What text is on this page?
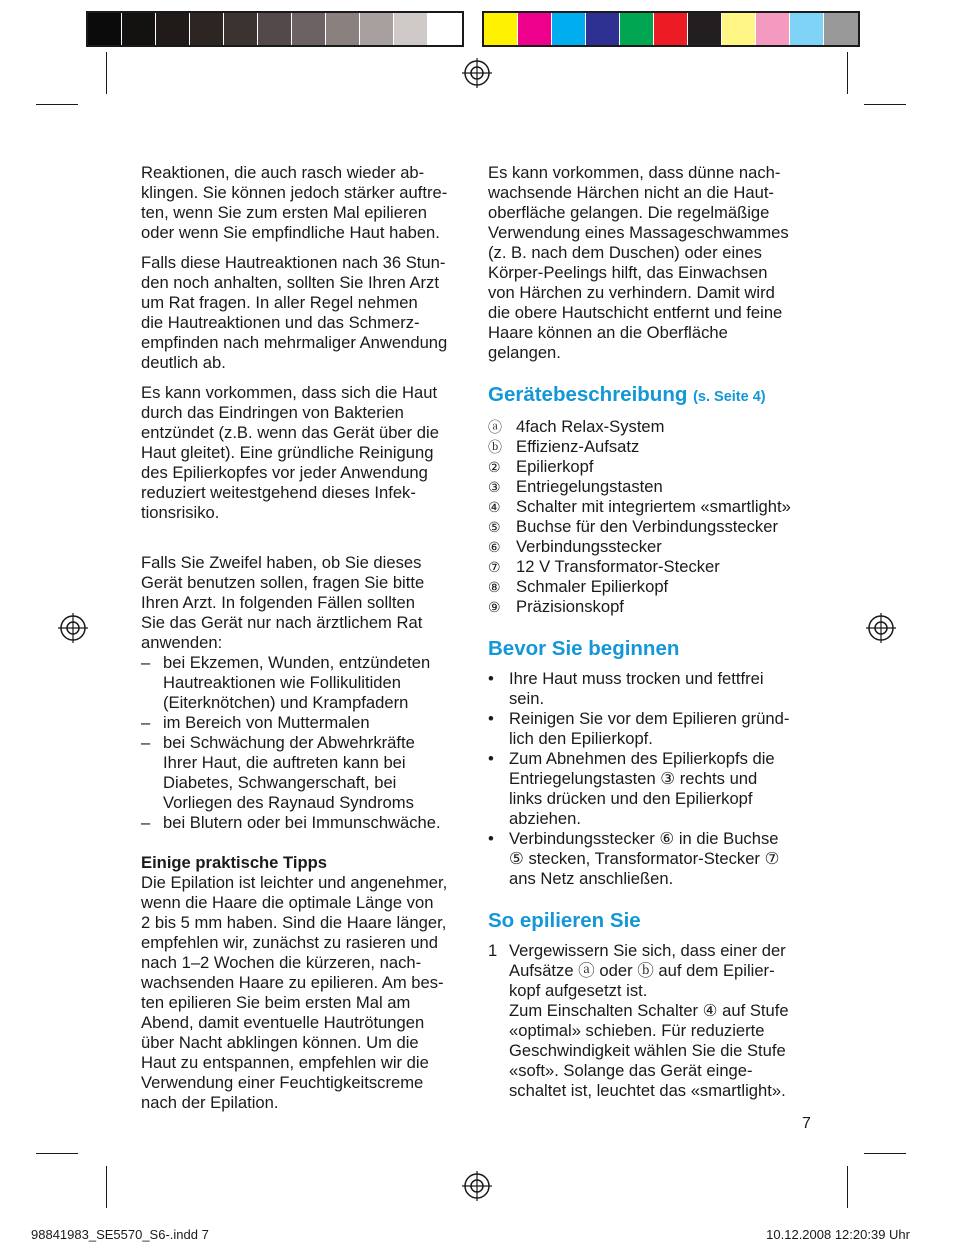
Reaktionen, die auch rasch wieder ab-
klingen. Sie können jedoch stärker auftre-
ten, wenn Sie zum ersten Mal epilieren
oder wenn Sie empfindliche Haut haben.

Falls diese Hautreaktionen nach 36 Stun-
den noch anhalten, sollten Sie Ihren Arzt
um Rat fragen. In aller Regel nehmen
die Hautreaktionen und das Schmerz-
empfinden nach mehrmaliger Anwendung
deutlich ab.

Es kann vorkommen, dass sich die Haut
durch das Eindringen von Bakterien
entzündet (z.B. wenn das Gerät über die
Haut gleitet). Eine gründliche Reinigung
des Epilierkopfes vor jeder Anwendung
reduziert weitestgehend dieses Infek-
tionsrisiko.

Falls Sie Zweifel haben, ob Sie dieses
Gerät benutzen sollen, fragen Sie bitte
Ihren Arzt. In folgenden Fällen sollten
Sie das Gerät nur nach ärztlichem Rat
anwenden:

– bei Ekzemen, Wunden, entzündeten
Hautreaktionen wie Follikulitiden
(Eiterknötchen) und Krampfadern
– im Bereich von Muttermalen
– bei Schwächung der Abwehrkräfte
Ihrer Haut, die auftreten kann bei
Diabetes, Schwangerschaft, bei
Vorliegen des Raynaud Syndroms
– bei Blutern oder bei Immunschwäche.
Einige praktische Tipps
Die Epilation ist leichter und angenehmer,
wenn die Haare die optimale Länge von
2 bis 5 mm haben. Sind die Haare länger,
empfehlen wir, zunächst zu rasieren und
nach 1–2 Wochen die kürzeren, nach-
wachsenden Haare zu epilieren. Am bes-
ten epilieren Sie beim ersten Mal am
Abend, damit eventuelle Hautrötungen
über Nacht abklingen können. Um die
Haut zu entspannen, empfehlen wir die
Verwendung einer Feuchtigkeitscreme
nach der Epilation.

Es kann vorkommen, dass dünne nach-
wachsende Härchen nicht an die Haut-
oberfläche gelangen. Die regelmäßige
Verwendung eines Massageschwammes
(z. B. nach dem Duschen) oder eines
Körper-Peelings hilft, das Einwachsen
von Härchen zu verhindern. Damit wird
die obere Hautschicht entfernt und feine
Haare können an die Oberfläche
gelangen.

Gerätebeschreibung (s. Seite 4)
ⓐ 4fach Relax-System
ⓑ Effizienz-Aufsatz
② Epilierkopf
③ Entriegelungstasten
④ Schalter mit integriertem «smartlight»
⑤ Buchse für den Verbindungsstecker
⑥ Verbindungsstecker
⑦ 12 V Transformator-Stecker
⑧ Schmaler Epilierkopf
⑨ Präzisionskopf
Bevor Sie beginnen
• Ihre Haut muss trocken und fettfrei
sein.
• Reinigen Sie vor dem Epilieren gründ-
lich den Epilierkopf.
• Zum Abnehmen des Epilierkopfs die
Entriegelungstasten ③ rechts und
links drücken und den Epilierkopf
abziehen.
• Verbindungsstecker ⑥ in die Buchse
⑤ stecken, Transformator-Stecker ⑦
ans Netz anschließen.
So epilieren Sie
1 Vergewissern Sie sich, dass einer der
Aufsätze ⓐ oder ⓑ auf dem Epilier-
kopf aufgesetzt ist.
Zum Einschalten Schalter ④ auf Stufe
«optimal» schieben. Für reduzierte
Geschwindigkeit wählen Sie die Stufe
«soft». Solange das Gerät einge-
schaltet ist, leuchtet das «smartlight».
7
98841983_SE5570_S6-.indd 7	10.12.2008 12:20:39 Uhr
